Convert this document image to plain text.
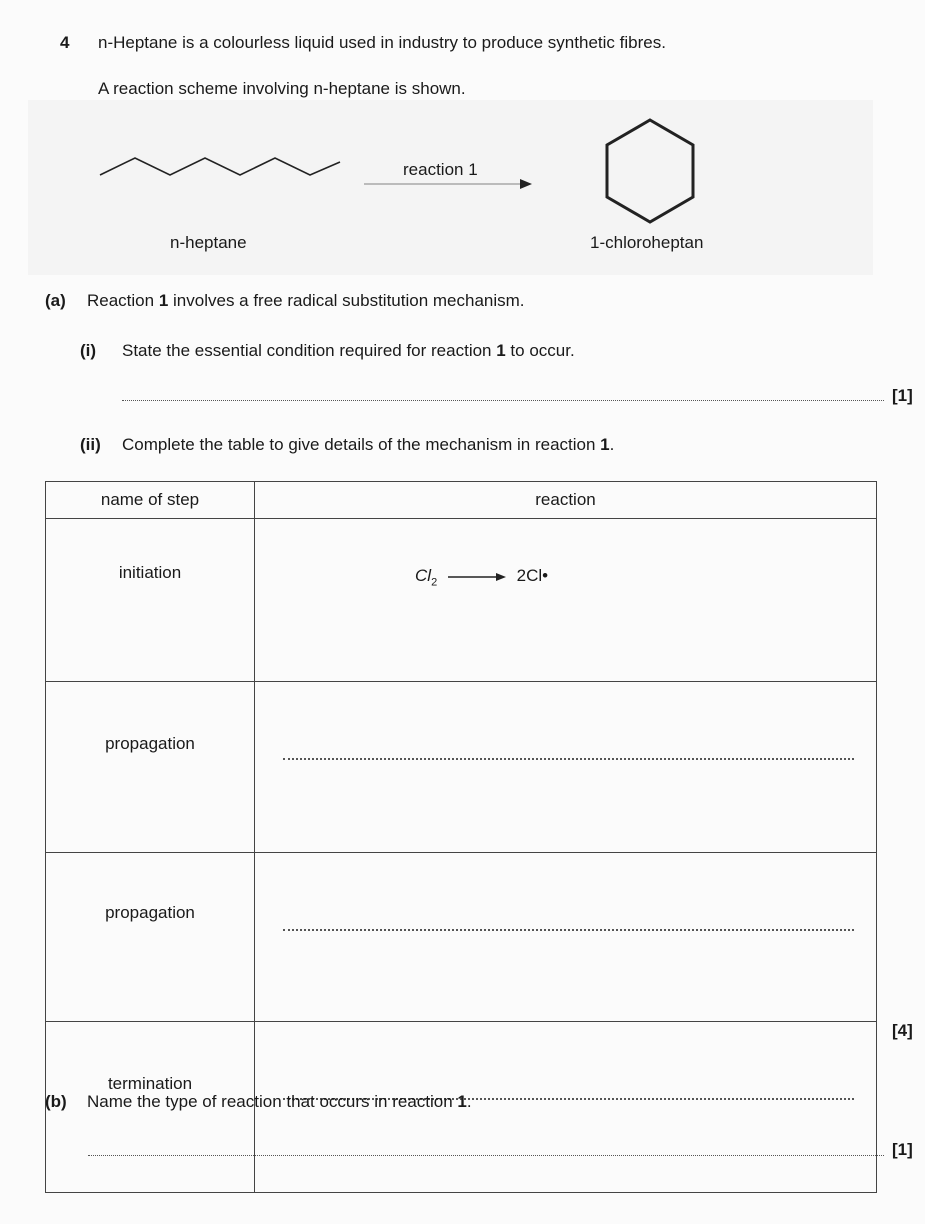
4 n-Heptane is a colourless liquid used in industry to produce synthetic fibres.
A reaction scheme involving n-heptane is shown.
reaction 1
n-heptane	1-chloroheptan
(a) Reaction 1 involves a free radical substitution mechanism.
(i) State the essential condition required for reaction 1 to occur.
[1]
(ii) Complete the table to give details of the mechanism in reaction 1.
name of step	reaction
initiation	$Cl_2$ 2Cl•

propagation	

propagation	

termination	
[4]
(b) Name the type of reaction that occurs in reaction 1.
[1]
